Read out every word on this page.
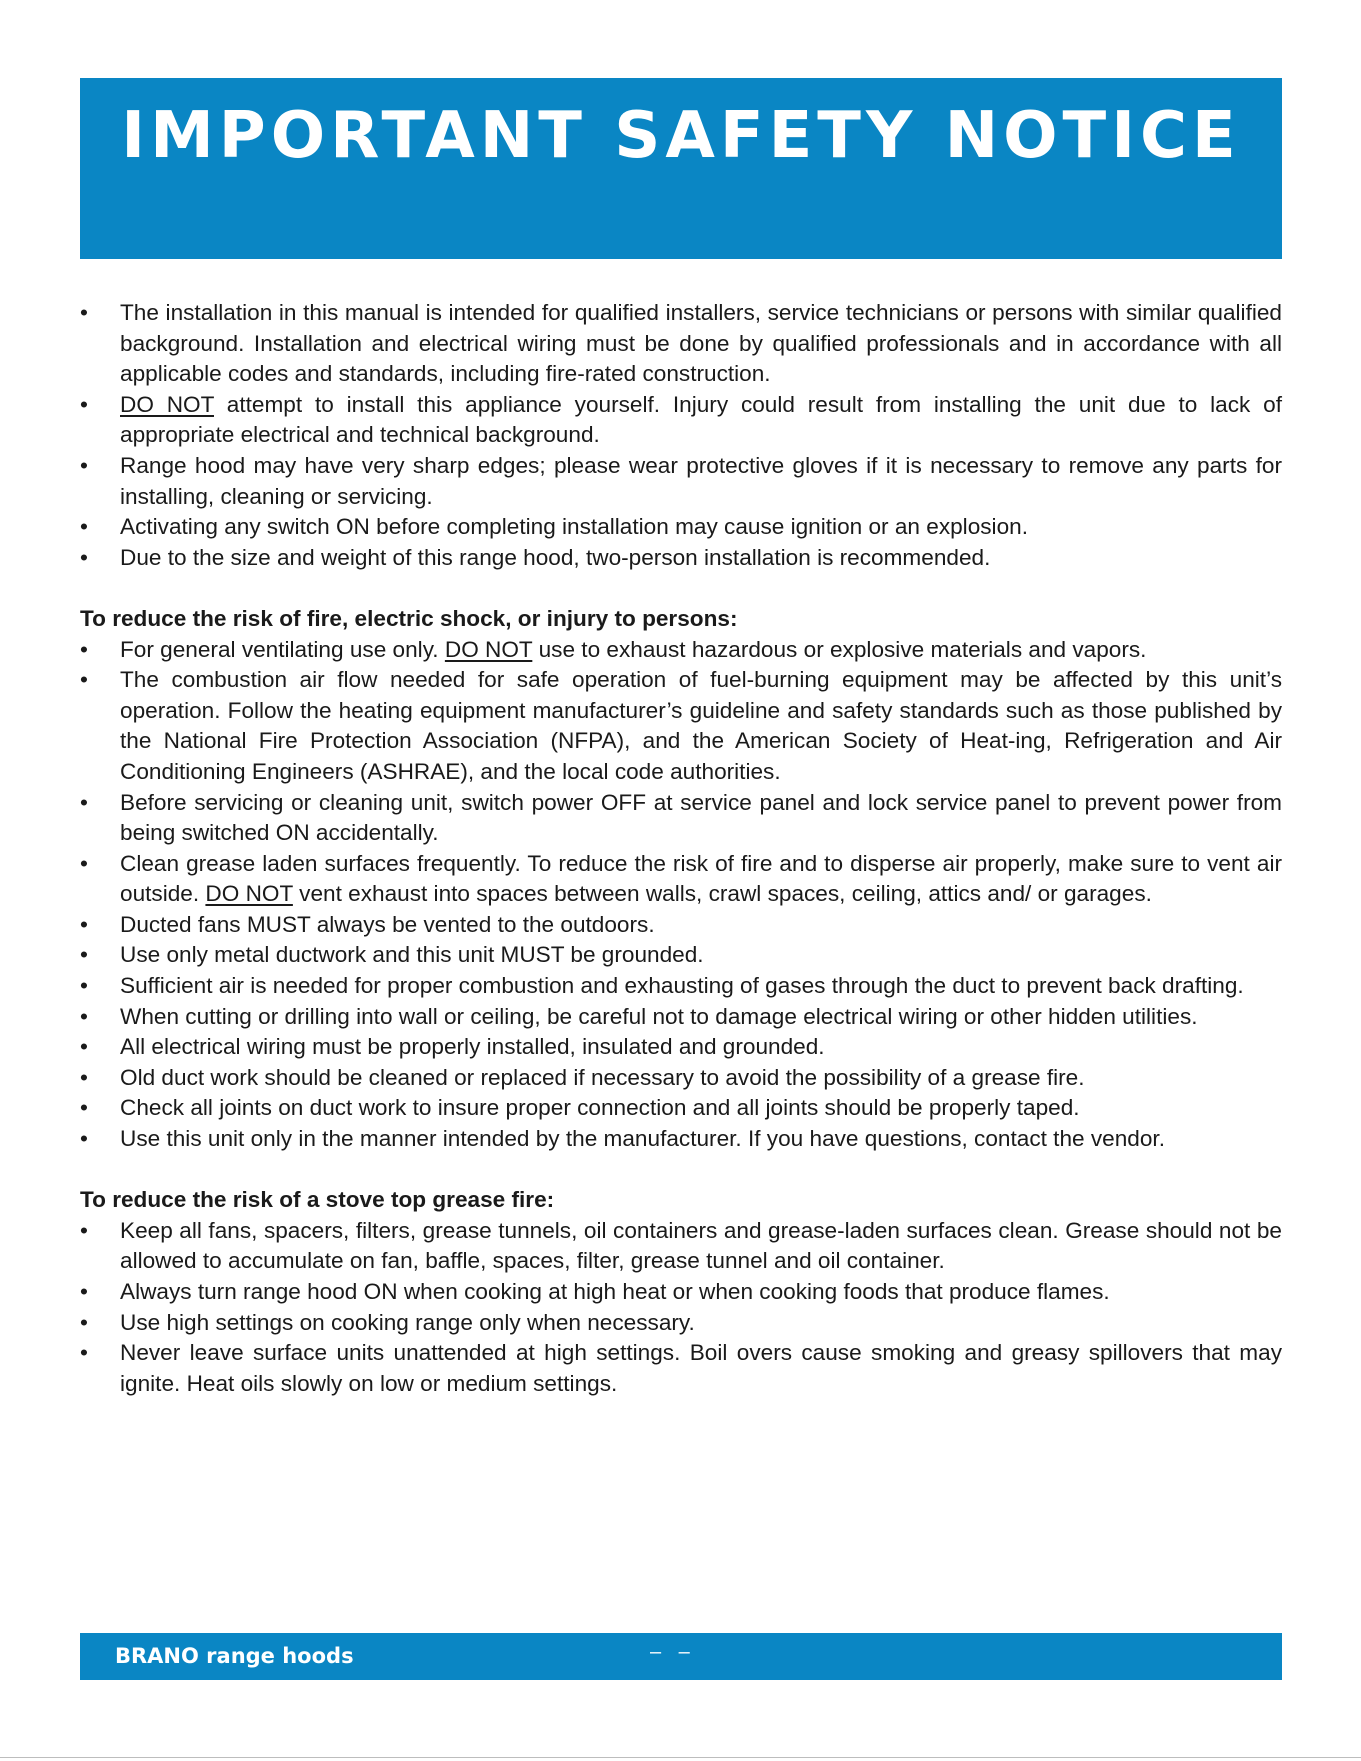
IMPORTANT SAFETY NOTICE
• The installation in this manual is intended for qualified installers, service technicians or persons with similar qualified background. Installation and electrical wiring must be done by qualified professionals and in accordance with all applicable codes and standards, including fire-rated construction.
• DO NOT attempt to install this appliance yourself. Injury could result from installing the unit due to lack of appropriate electrical and technical background.
• Range hood may have very sharp edges; please wear protective gloves if it is necessary to remove any parts for installing, cleaning or servicing.
• Activating any switch ON before completing installation may cause ignition or an explosion.
• Due to the size and weight of this range hood, two-person installation is recommended.

To reduce the risk of fire, electric shock, or injury to persons:

• For general ventilating use only. DO NOT use to exhaust hazardous or explosive materials and vapors.
• The combustion air flow needed for safe operation of fuel-burning equipment may be affected by this unit’s operation. Follow the heating equipment manufacturer’s guideline and safety standards such as those published by the National Fire Protection Association (NFPA), and the American Society of Heat-ing, Refrigeration and Air Conditioning Engineers (ASHRAE), and the local code authorities.
• Before servicing or cleaning unit, switch power OFF at service panel and lock service panel to prevent power from being switched ON accidentally.
• Clean grease laden surfaces frequently. To reduce the risk of fire and to disperse air properly, make sure to vent air outside. DO NOT vent exhaust into spaces between walls, crawl spaces, ceiling, attics and/ or garages.
• Ducted fans MUST always be vented to the outdoors.
• Use only metal ductwork and this unit MUST be grounded.
• Sufficient air is needed for proper combustion and exhausting of gases through the duct to prevent back drafting.
• When cutting or drilling into wall or ceiling, be careful not to damage electrical wiring or other hidden utilities.
• All electrical wiring must be properly installed, insulated and grounded.
• Old duct work should be cleaned or replaced if necessary to avoid the possibility of a grease fire.
• Check all joints on duct work to insure proper connection and all joints should be properly taped.
• Use this unit only in the manner intended by the manufacturer. If you have questions, contact the vendor.

To reduce the risk of a stove top grease fire:

• Keep all fans, spacers, filters, grease tunnels, oil containers and grease-laden surfaces clean. Grease should not be allowed to accumulate on fan, baffle, spaces, filter, grease tunnel and oil container.
• Always turn range hood ON when cooking at high heat or when cooking foods that produce flames.
• Use high settings on cooking range only when necessary.
• Never leave surface units unattended at high settings. Boil overs cause smoking and greasy spillovers that may ignite. Heat oils slowly on low or medium settings.
BRANO range hoods	– –
